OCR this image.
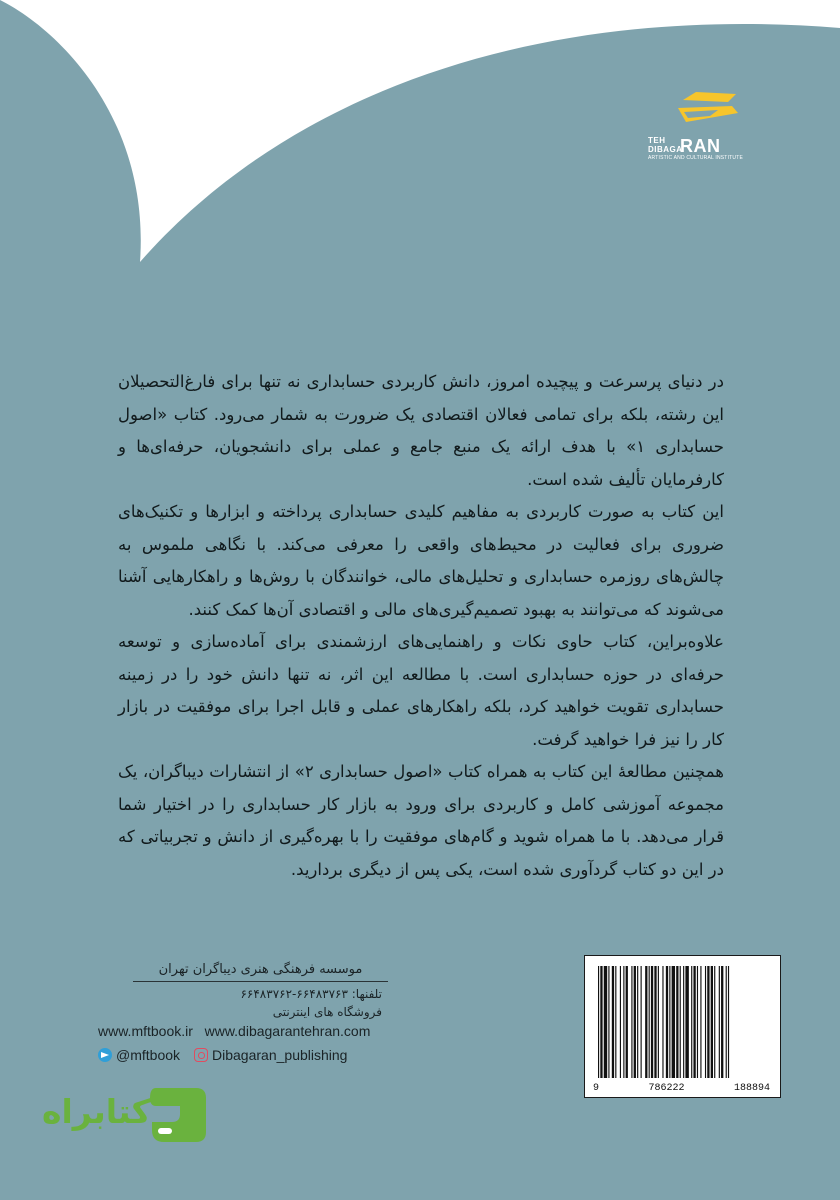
TEH DIBAGARAN
ARTISTIC AND CULTURAL INSTITUTE

در دنیای پرسرعت و پیچیده امروز، دانش کاربردی حسابداری نه تنها برای فارغ‌التحصیلان این رشته، بلکه برای تمامی فعالان اقتصادی یک ضرورت به شمار می‌رود. کتاب «اصول حسابداری ۱» با هدف ارائه یک منبع جامع و عملی برای دانشجویان، حرفه‌ای‌ها و کارفرمایان تألیف شده است.

این کتاب به صورت کاربردی به مفاهیم کلیدی حسابداری پرداخته و ابزارها و تکنیک‌های ضروری برای فعالیت در محیط‌های واقعی را معرفی می‌کند. با نگاهی ملموس به چالش‌های روزمره حسابداری و تحلیل‌های مالی، خوانندگان با روش‌ها و راهکارهایی آشنا می‌شوند که می‌توانند به بهبود تصمیم‌گیری‌های مالی و اقتصادی آن‌ها کمک کنند.

علاوه‌براین، کتاب حاوی نکات و راهنمایی‌های ارزشمندی برای آماده‌سازی و توسعه حرفه‌ای در حوزه حسابداری است. با مطالعه این اثر، نه تنها دانش خود را در زمینه حسابداری تقویت خواهید کرد، بلکه راهکارهای عملی و قابل اجرا برای موفقیت در بازار کار را نیز فرا خواهید گرفت.

همچنین مطالعهٔ این کتاب به همراه کتاب «اصول حسابداری ۲» از انتشارات دیباگران، یک مجموعه آموزشی کامل و کاربردی برای ورود به بازار کار حسابداری را در اختیار شما قرار می‌دهد. با ما همراه شوید و گام‌های موفقیت را با بهره‌گیری از دانش و تجربیاتی که در این دو کتاب گردآوری شده است، یکی پس از دیگری بردارید.

موسسه فرهنگی هنری دیباگران تهران
تلفنها: ۶۶۴۸۳۷۶۳-۶۶۴۸۳۷۶۲
فروشگاه های اینترنتی
www.mftbook.ir www.dibagarantehran.com
@mftbook Dibagaran_publishing
9	786222	188894
کتابراه
